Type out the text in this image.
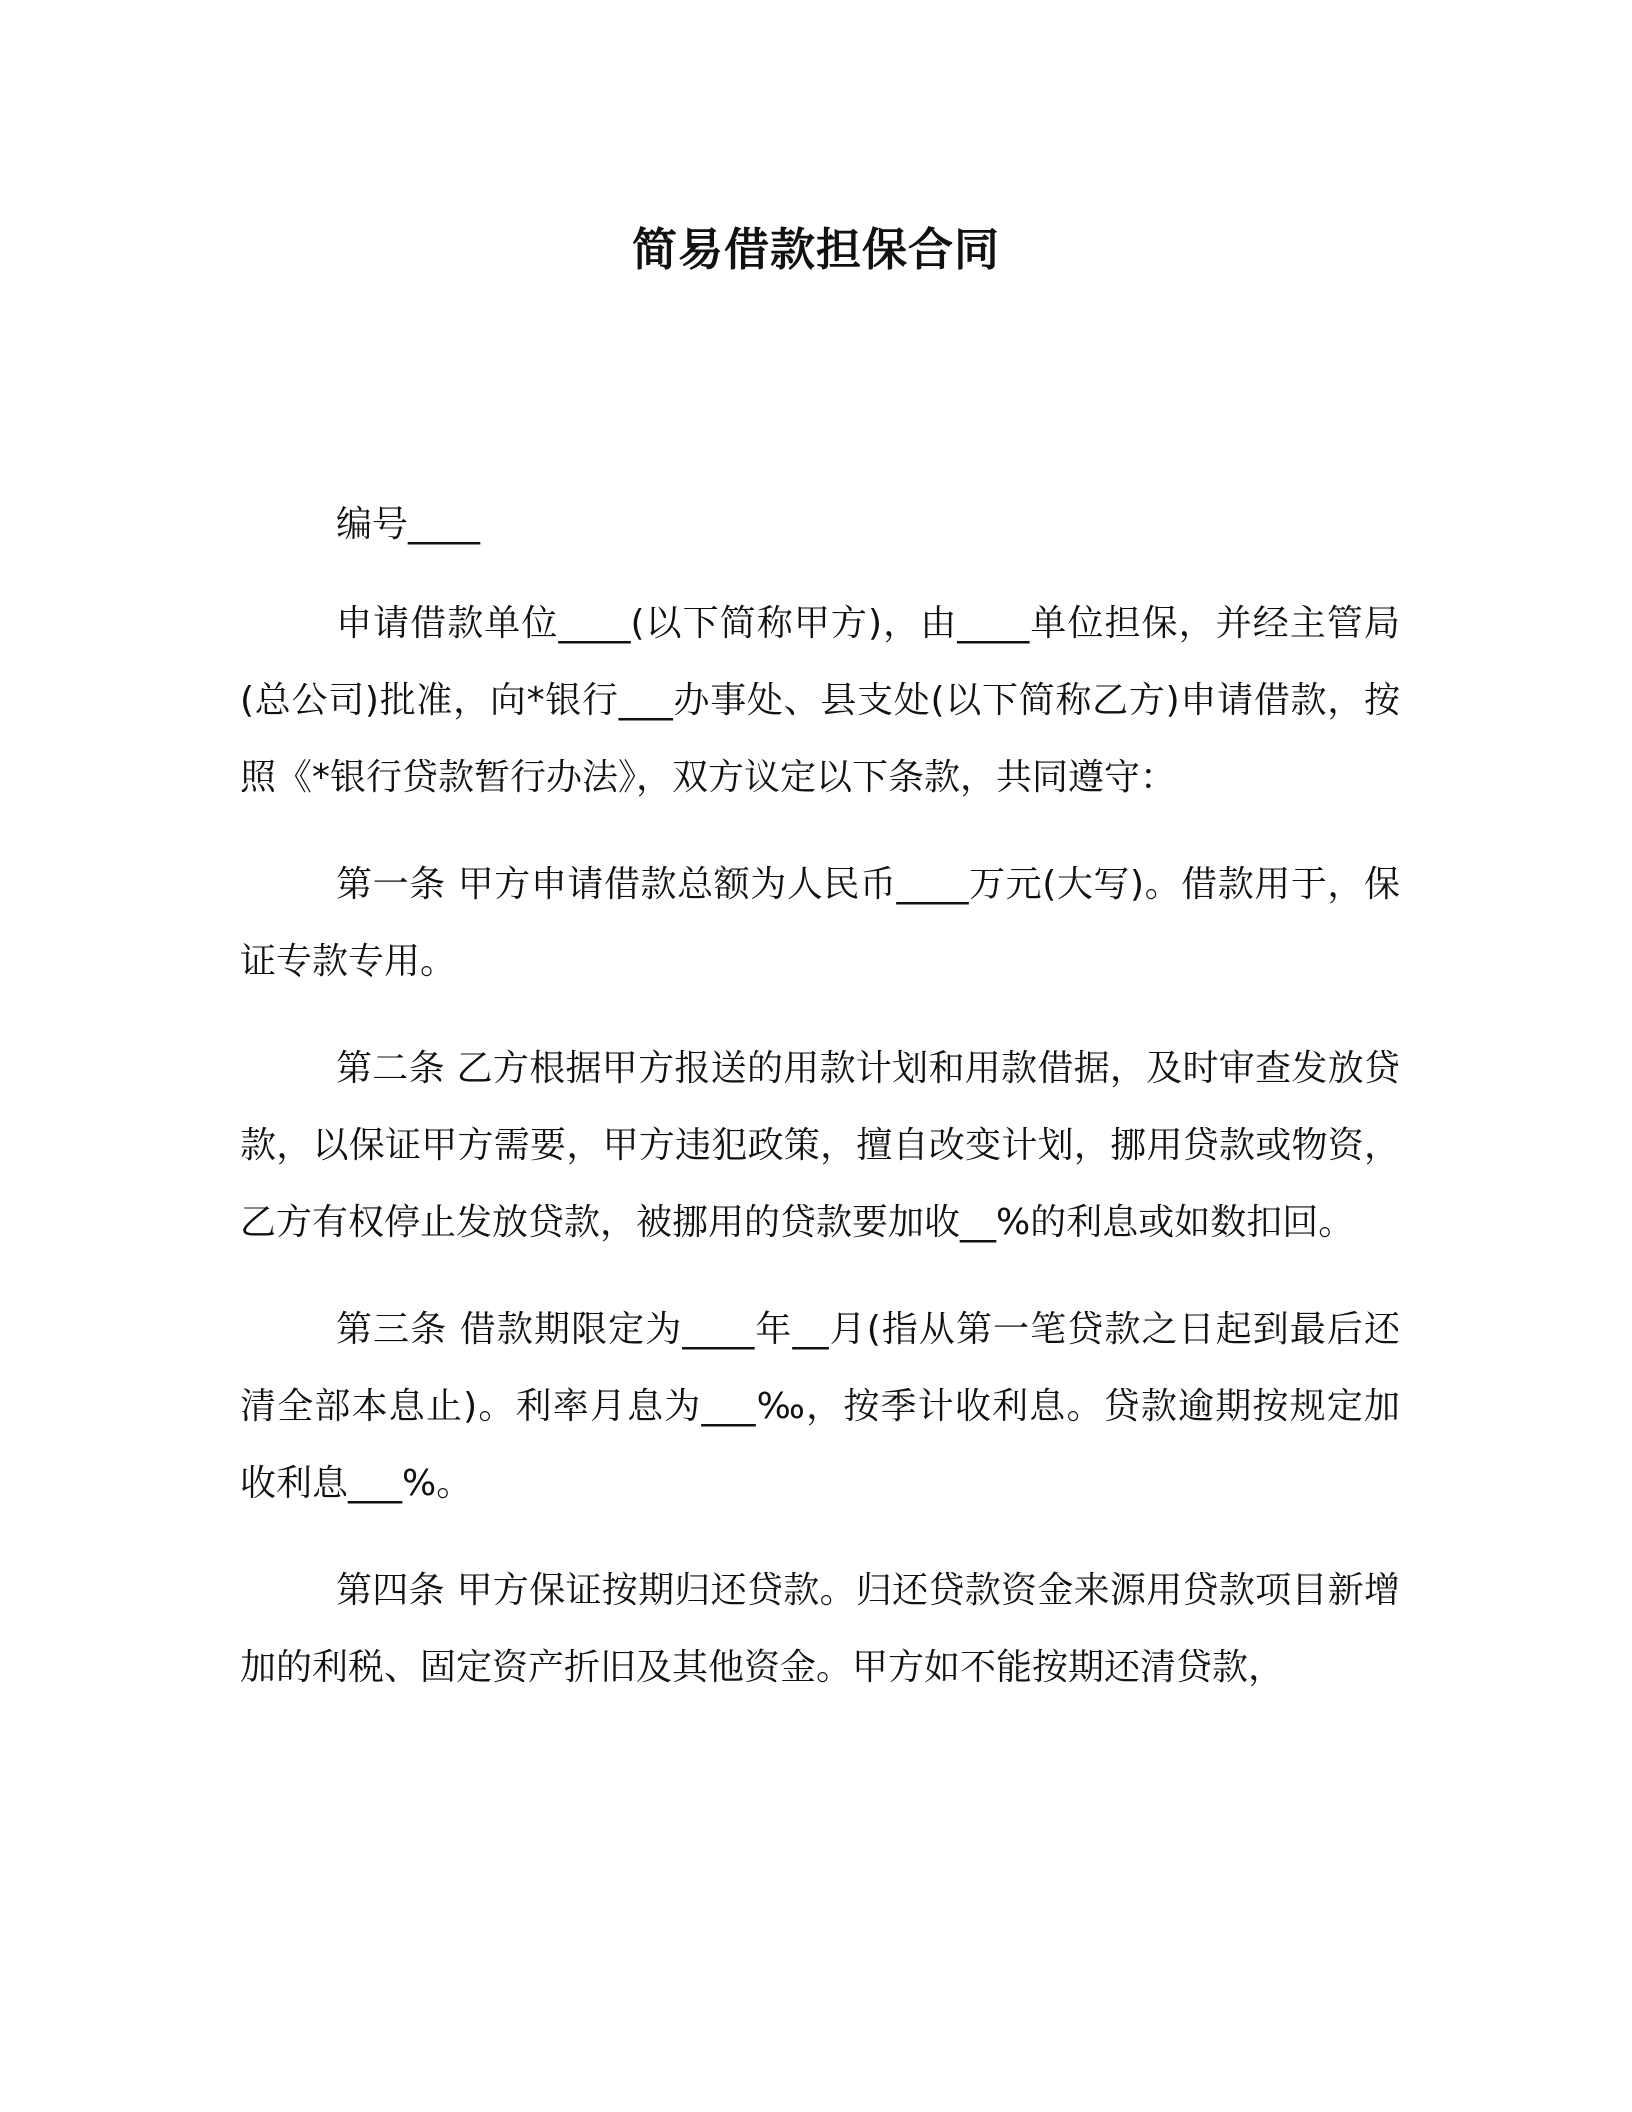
简易借款担保合同

编号____

申请借款单位____(以下简称甲方)，由____单位担保，并经主管局(总公司)批准，向*银行___办事处、县支处(以下简称乙方)申请借款，按照《*银行贷款暂行办法》，双方议定以下条款，共同遵守：

第一条 甲方申请借款总额为人民币____万元(大写)。借款用于，保证专款专用。

第二条 乙方根据甲方报送的用款计划和用款借据，及时审查发放贷款，以保证甲方需要，甲方违犯政策，擅自改变计划，挪用贷款或物资，乙方有权停止发放贷款，被挪用的贷款要加收__%的利息或如数扣回。

第三条 借款期限定为____年__月(指从第一笔贷款之日起到最后还清全部本息止)。利率月息为___‰，按季计收利息。贷款逾期按规定加收利息___%。

第四条 甲方保证按期归还贷款。归还贷款资金来源用贷款项目新增加的利税、固定资产折旧及其他资金。甲方如不能按期还清贷款，
